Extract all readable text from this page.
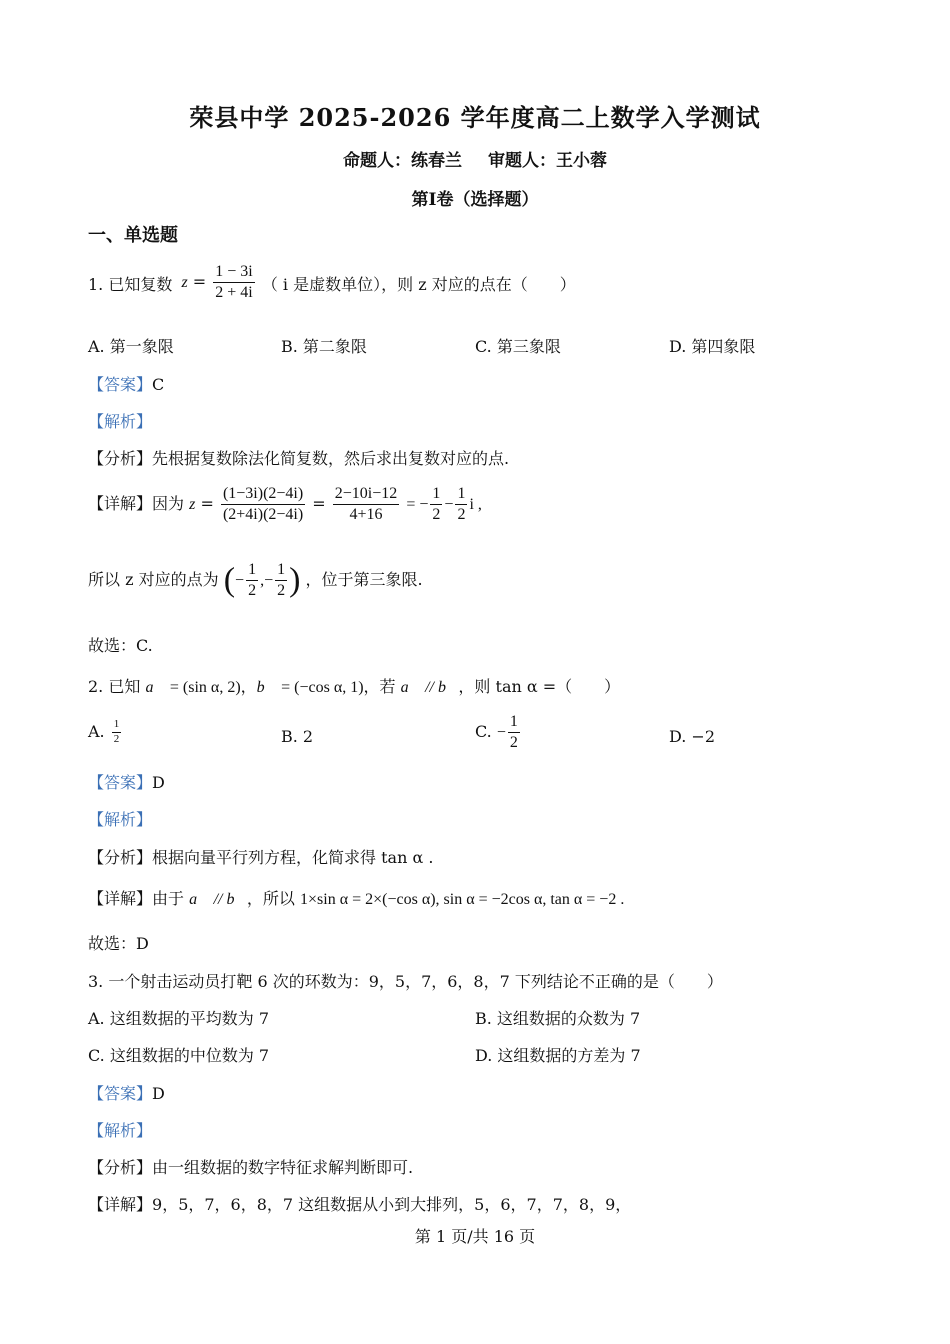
荣县中学 2025-2026 学年度高二上数学入学测试
命题人：练春兰 审题人：王小蓉
第Ⅰ卷（选择题）
一、单选题
1. 已知复数 $z = \frac{1 - 3i}{2 + 4i}$ （ i 是虚数单位），则 z 对应的点在（　　）
A. 第一象限	B. 第二象限	C. 第三象限	D. 第四象限
【答案】C
【解析】
【分析】先根据复数除法化简复数，然后求出复数对应的点.
【详解】因为 $z = \frac{(1-3i)(2-4i)}{(2+4i)(2-4i)} = \frac{2-10i-12}{4+16}$ = − $\frac{1}{2} - \frac{1}{2}$ i ,
所以 z 对应的点为 (− $\frac{1}{2}$ ,− $\frac{1}{2}$ ) ，位于第三象限.
故选：C.
2. 已知 a⃗ = (sin α, 2)，b⃗ = (−cos α, 1)，若 a⃗ // b⃗，则 tan α =（　　）
A. $\frac{1}{2}$	B. 2	C. − $\frac{1}{2}$	D. −2
【答案】D
【解析】
【分析】根据向量平行列方程，化简求得 tan α .
【详解】由于 a⃗ // b⃗，所以 1×sin α = 2×(−cos α), sin α = −2cos α, tan α = −2 .
故选：D
3. 一个射击运动员打靶 6 次的环数为：9，5，7，6，8，7 下列结论不正确的是（　　）
A. 这组数据的平均数为 7	B. 这组数据的众数为 7
C. 这组数据的中位数为 7	D. 这组数据的方差为 7
【答案】D
【解析】
【分析】由一组数据的数字特征求解判断即可.
【详解】9，5，7，6，8，7 这组数据从小到大排列，5，6，7，7，8，9，
第 1 页/共 16 页
